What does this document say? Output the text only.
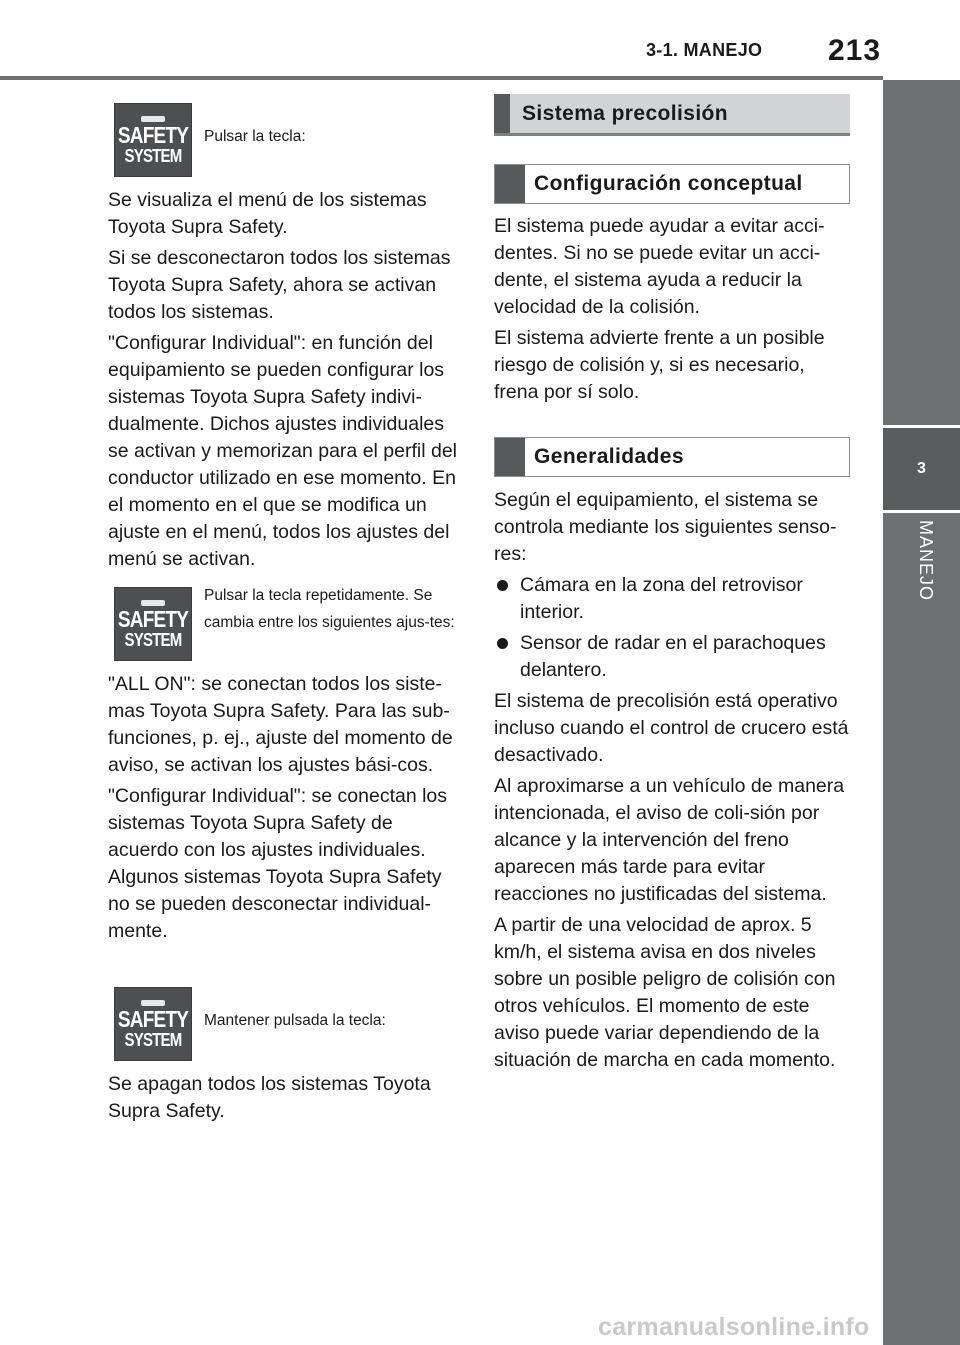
3-1. MANEJO 213
3
MANEJO
SAFETY
SYSTEM
Pulsar la tecla:

Se visualiza el menú de los sistemas Toyota Supra Safety.

Si se desconectaron todos los sistemas Toyota Supra Safety, ahora se activan todos los sistemas.

"Configurar Individual": en función del equipamiento se pueden configurar los sistemas Toyota Supra Safety indivi-dualmente. Dichos ajustes individuales se activan y memorizan para el perfil del conductor utilizado en ese momento. En el momento en el que se modifica un ajuste en el menú, todos los ajustes del menú se activan.

SAFETY
SYSTEM
Pulsar la tecla repetidamente. Se cambia entre los siguientes ajus-tes:

"ALL ON": se conectan todos los siste-mas Toyota Supra Safety. Para las sub-funciones, p. ej., ajuste del momento de aviso, se activan los ajustes bási-cos.

"Configurar Individual": se conectan los sistemas Toyota Supra Safety de acuerdo con los ajustes individuales. Algunos sistemas Toyota Supra Safety no se pueden desconectar individual-mente.

SAFETY
SYSTEM
Mantener pulsada la tecla:

Se apagan todos los sistemas Toyota Supra Safety.

Sistema precolisión
Configuración conceptual

El sistema puede ayudar a evitar acci-dentes. Si no se puede evitar un acci-dente, el sistema ayuda a reducir la velocidad de la colisión.

El sistema advierte frente a un posible riesgo de colisión y, si es necesario, frena por sí solo.

Generalidades

Según el equipamiento, el sistema se controla mediante los siguientes senso-res:

Cámara en la zona del retrovisor interior.
Sensor de radar en el parachoques delantero.

El sistema de precolisión está operativo incluso cuando el control de crucero está desactivado.

Al aproximarse a un vehículo de manera intencionada, el aviso de coli-sión por alcance y la intervención del freno aparecen más tarde para evitar reacciones no justificadas del sistema.

A partir de una velocidad de aprox. 5 km/h, el sistema avisa en dos niveles sobre un posible peligro de colisión con otros vehículos. El momento de este aviso puede variar dependiendo de la situación de marcha en cada momento.

carmanualsonline.info
